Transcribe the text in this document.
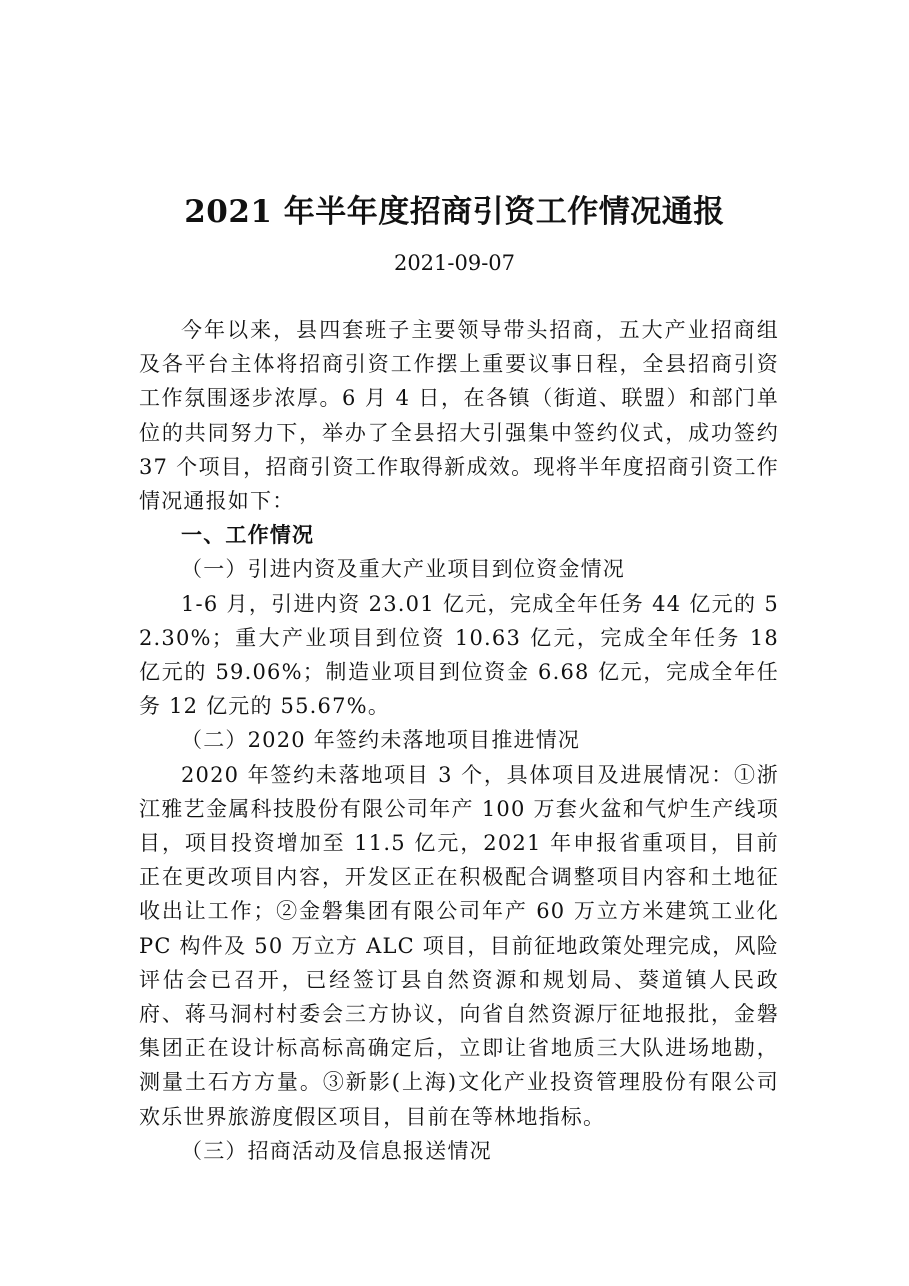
2021 年半年度招商引资工作情况通报
2021-09-07

今年以来，县四套班子主要领导带头招商，五大产业招商组及各平台主体将招商引资工作摆上重要议事日程，全县招商引资工作氛围逐步浓厚。6 月 4 日，在各镇（街道、联盟）和部门单位的共同努力下，举办了全县招大引强集中签约仪式，成功签约 37 个项目，招商引资工作取得新成效。现将半年度招商引资工作情况通报如下：

一、工作情况

（一）引进内资及重大产业项目到位资金情况

1-6 月，引进内资 23.01 亿元，完成全年任务 44 亿元的 52.30%；重大产业项目到位资 10.63 亿元，完成全年任务 18 亿元的 59.06%；制造业项目到位资金 6.68 亿元，完成全年任务 12 亿元的 55.67%。

（二）2020 年签约未落地项目推进情况

2020 年签约未落地项目 3 个，具体项目及进展情况：①浙江雅艺金属科技股份有限公司年产 100 万套火盆和气炉生产线项目，项目投资增加至 11.5 亿元，2021 年申报省重项目，目前正在更改项目内容，开发区正在积极配合调整项目内容和土地征收出让工作；②金磐集团有限公司年产 60 万立方米建筑工业化 PC 构件及 50 万立方 ALC 项目，目前征地政策处理完成，风险评估会已召开，已经签订县自然资源和规划局、葵道镇人民政府、蒋马洞村村委会三方协议，向省自然资源厅征地报批，金磐集团正在设计标高标高确定后，立即让省地质三大队进场地勘，测量土石方方量。③新影(上海)文化产业投资管理股份有限公司欢乐世界旅游度假区项目，目前在等林地指标。

（三）招商活动及信息报送情况
